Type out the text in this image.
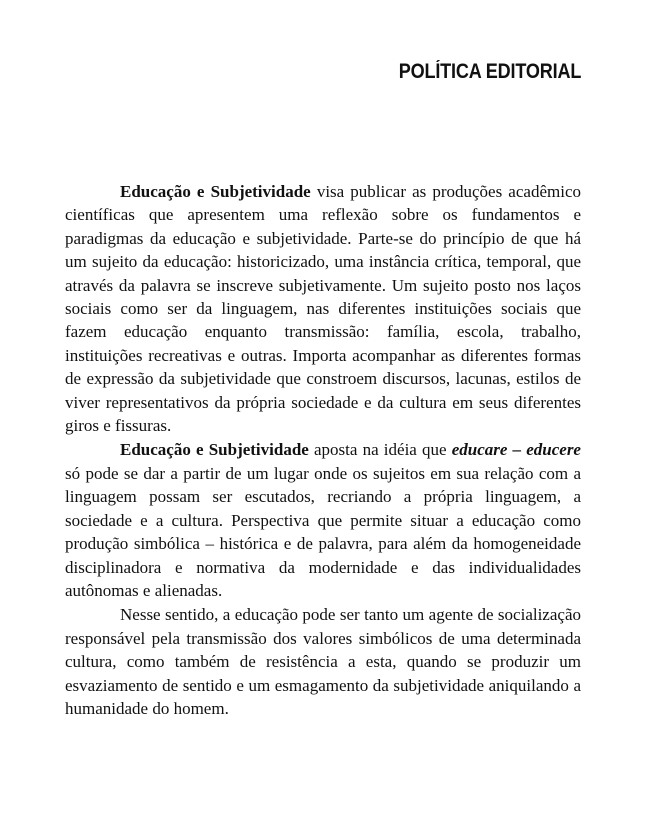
POLÍTICA EDITORIAL

Educação e Subjetividade visa publicar as produções acadêmico científicas que apresentem uma reflexão sobre os fundamentos e paradigmas da educação e subjetividade. Parte-se do princípio de que há um sujeito da educação: historicizado, uma instância crítica, temporal, que através da palavra se inscreve subjetivamente. Um sujeito posto nos laços sociais como ser da linguagem, nas diferentes instituições sociais que fazem educação enquanto transmissão: família, escola, trabalho, instituições recreativas e outras. Importa acompanhar as diferentes formas de expressão da subjetividade que constroem discursos, lacunas, estilos de viver representativos da própria sociedade e da cultura em seus diferentes giros e fissuras.

Educação e Subjetividade aposta na idéia que educare – educere só pode se dar a partir de um lugar onde os sujeitos em sua relação com a linguagem possam ser escutados, recriando a própria linguagem, a sociedade e a cultura. Perspectiva que permite situar a educação como produção simbólica – histórica e de palavra, para além da homogeneidade disciplinadora e normativa da modernidade e das individualidades autônomas e alienadas.

Nesse sentido, a educação pode ser tanto um agente de socialização responsável pela transmissão dos valores simbólicos de uma determinada cultura, como também de resistência a esta, quando se produzir um esvaziamento de sentido e um esmagamento da subjetividade aniquilando a humanidade do homem.
